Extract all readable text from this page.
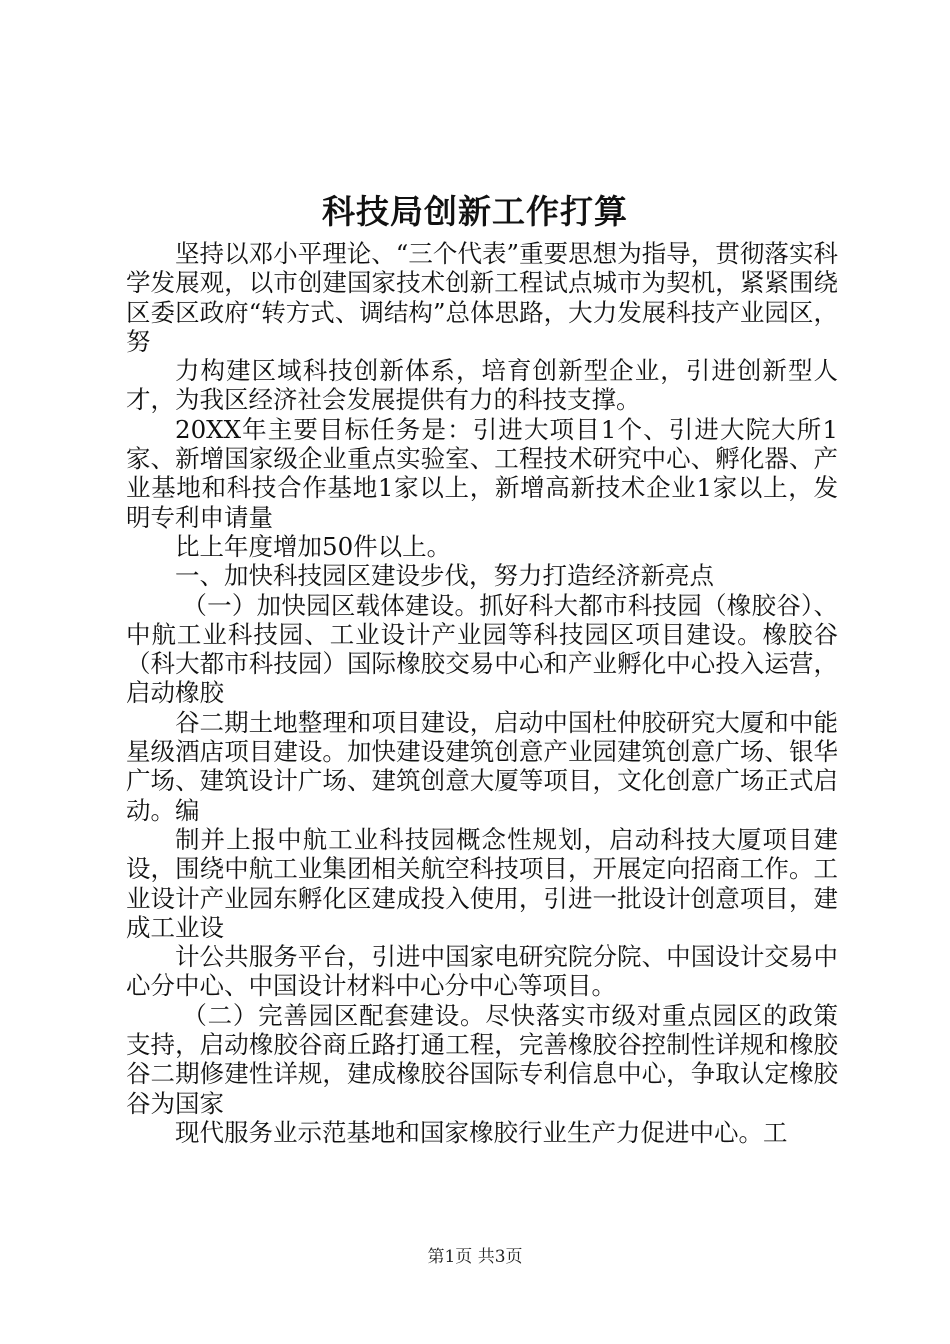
科技局创新工作打算

坚持以邓小平理论、“三个代表”重要思想为指导，贯彻落实科学发展观，以市创建国家技术创新工程试点城市为契机，紧紧围绕区委区政府“转方式、调结构”总体思路，大力发展科技产业园区，努

力构建区域科技创新体系，培育创新型企业，引进创新型人才，为我区经济社会发展提供有力的科技支撑。

20XX年主要目标任务是：引进大项目1个、引进大院大所1家、新增国家级企业重点实验室、工程技术研究中心、孵化器、产业基地和科技合作基地1家以上，新增高新技术企业1家以上，发明专利申请量

比上年度增加50件以上。

一、加快科技园区建设步伐，努力打造经济新亮点

（一）加快园区载体建设。抓好科大都市科技园（橡胶谷）、中航工业科技园、工业设计产业园等科技园区项目建设。橡胶谷（科大都市科技园）国际橡胶交易中心和产业孵化中心投入运营，启动橡胶

谷二期土地整理和项目建设，启动中国杜仲胶研究大厦和中能星级酒店项目建设。加快建设建筑创意产业园建筑创意广场、银华广场、建筑设计广场、建筑创意大厦等项目，文化创意广场正式启动。编

制并上报中航工业科技园概念性规划，启动科技大厦项目建设，围绕中航工业集团相关航空科技项目，开展定向招商工作。工业设计产业园东孵化区建成投入使用，引进一批设计创意项目，建成工业设

计公共服务平台，引进中国家电研究院分院、中国设计交易中心分中心、中国设计材料中心分中心等项目。

（二）完善园区配套建设。尽快落实市级对重点园区的政策支持，启动橡胶谷商丘路打通工程，完善橡胶谷控制性详规和橡胶谷二期修建性详规，建成橡胶谷国际专利信息中心，争取认定橡胶谷为国家

现代服务业示范基地和国家橡胶行业生产力促进中心。工

第1页 共3页
